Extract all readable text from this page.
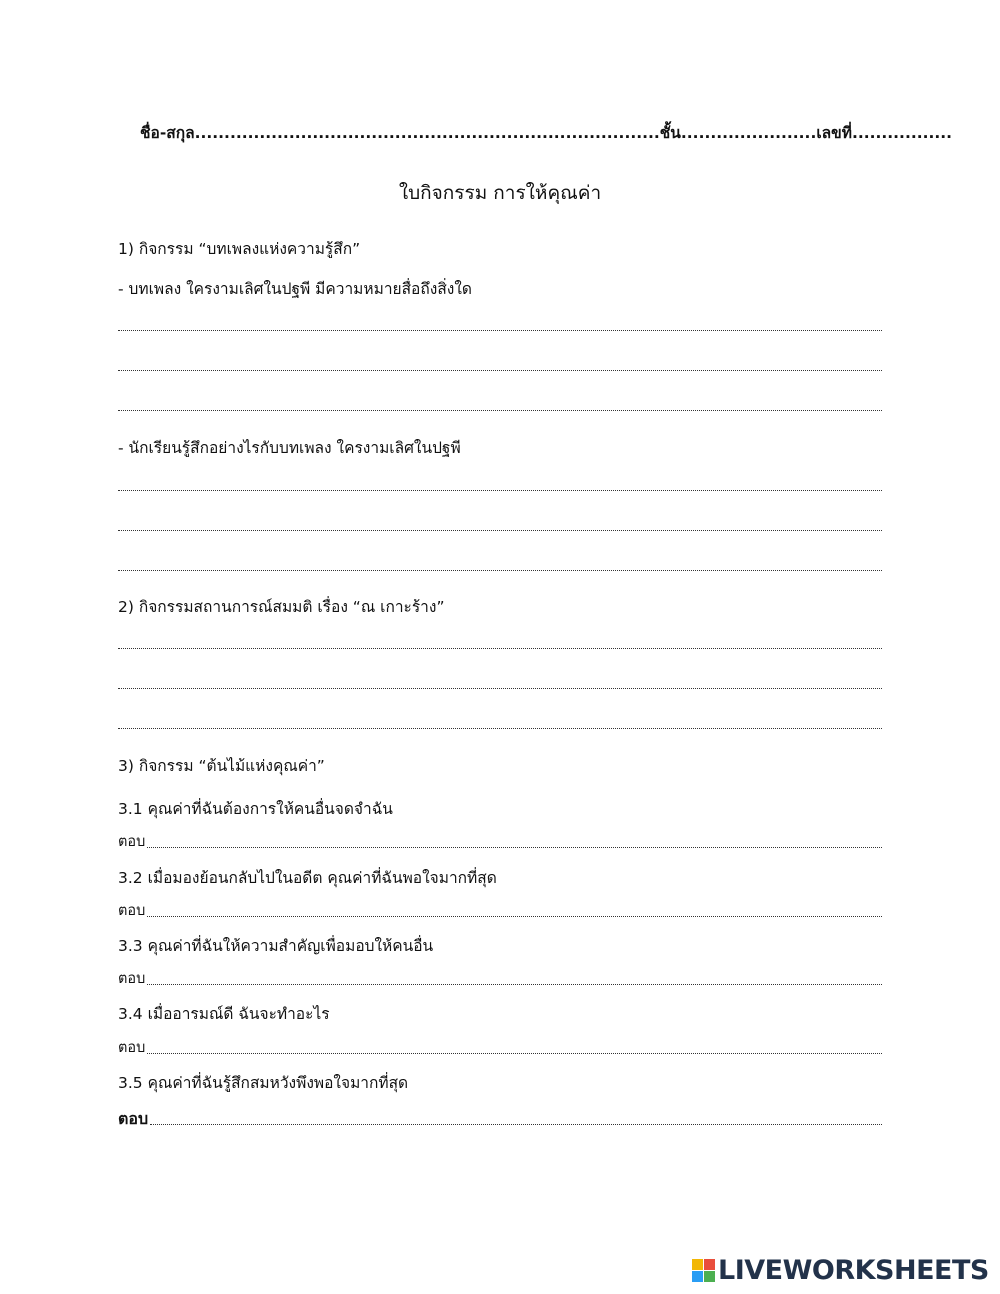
ชื่อ-สกุล...............................................................................ชั้น.......................เลขที่.................
ใบกิจกรรม การให้คุณค่า
1) กิจกรรม “บทเพลงแห่งความรู้สึก”
- บทเพลง ใครงามเลิศในปฐพี มีความหมายสื่อถึงสิ่งใด
- นักเรียนรู้สึกอย่างไรกับบทเพลง ใครงามเลิศในปฐพี
2) กิจกรรมสถานการณ์สมมติ เรื่อง “ณ เกาะร้าง”
3) กิจกรรม “ต้นไม้แห่งคุณค่า”
3.1 คุณค่าที่ฉันต้องการให้คนอื่นจดจำฉัน
ตอบ
3.2 เมื่อมองย้อนกลับไปในอดีต คุณค่าที่ฉันพอใจมากที่สุด
ตอบ
3.3 คุณค่าที่ฉันให้ความสำคัญเพื่อมอบให้คนอื่น
ตอบ
3.4 เมื่ออารมณ์ดี ฉันจะทำอะไร
ตอบ
3.5 คุณค่าที่ฉันรู้สึกสมหวังพึงพอใจมากที่สุด
ตอบ
LIVEWORKSHEETS
